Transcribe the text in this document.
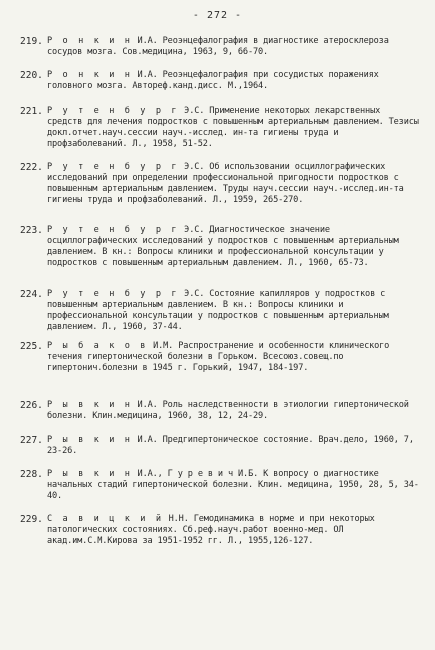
- 272 -
219. Р о н к и н И.А. Реоэнцефалография в диагностике атеросклероза сосудов мозга. Сов.медицина, 1963, 9, 66-70.
220. Р о н к и н И.А. Реоэнцефалография при сосудистых поражениях головного мозга. Автореф.канд.дисс. М.,1964.
221. Р у т е н б у р г Э.С. Применение некоторых лекарственных средств для лечения подростков с повышенным артериальным давлением. Тезисы докл.отчет.науч.сессии науч.-исслед. ин-та гигиены труда и профзаболеваний. Л., 1958, 51-52.
222. Р у т е н б у р г Э.С. Об использовании осциллографических исследований при определении профессиональной пригодности подростков с повышенным артериальным давлением. Труды науч.сессии науч.-исслед.ин-та гигиены труда и профзаболеваний. Л., 1959, 265-270.
223. Р у т е н б у р г Э.С. Диагностическое значение осциллографических исследований у подростков с повышенным артериальным давлением. В кн.: Вопросы клиники и профессиональной консультации у подростков с повышенным артериальным давлением. Л., 1960, 65-73.
224. Р у т е н б у р г Э.С. Состояние капилляров у подростков с повышенным артериальным давлением. В кн.: Вопросы клиники и профессиональной консультации у подростков с повышенным артериальным давлением. Л., 1960, 37-44.
225. Р ы б а к о в И.М. Распространение и особенности клинического течения гипертонической болезни в Горьком. Всесоюз.совещ.по гипертонич.болезни в 1945 г. Горький, 1947, 184-197.
226. Р ы в к и н И.А. Роль наследственности в этиологии гипертонической болезни. Клин.медицина, 1960, 38, 12, 24-29.
227. Р ы в к и н И.А. Предгипертоническое состояние. Врач.дело, 1960, 7, 23-26.
228. Р ы в к и н И.А., Г у р е в и ч И.Б. К вопросу о диагностике начальных стадий гипертонической болезни. Клин. медицина, 1950, 28, 5, 34-40.
229. С а в и ц к и й Н.Н. Гемодинамика в норме и при некоторых патологических состояниях. Сб.реф.науч.работ военно-мед. ОЛ акад.им.С.М.Кирова за 1951-1952 гг. Л., 1955,126-127.
